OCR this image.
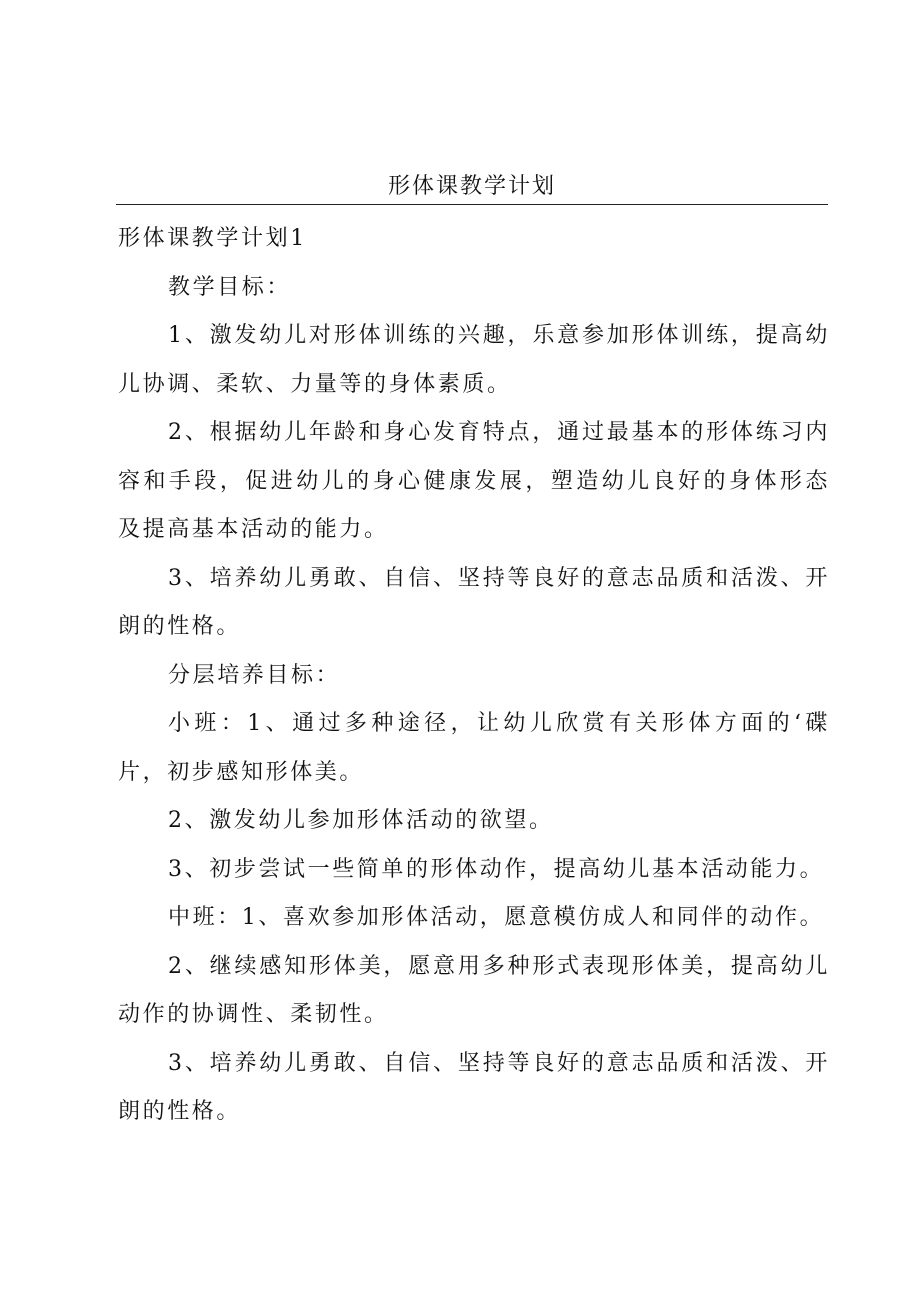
形体课教学计划

形体课教学计划1

教学目标：

1、激发幼儿对形体训练的兴趣，乐意参加形体训练，提高幼儿协调、柔软、力量等的身体素质。

2、根据幼儿年龄和身心发育特点，通过最基本的形体练习内容和手段，促进幼儿的身心健康发展，塑造幼儿良好的身体形态及提高基本活动的能力。

3、培养幼儿勇敢、自信、坚持等良好的意志品质和活泼、开朗的性格。

分层培养目标：

小班：1、通过多种途径，让幼儿欣赏有关形体方面的‘碟片，初步感知形体美。

2、激发幼儿参加形体活动的欲望。

3、初步尝试一些简单的形体动作，提高幼儿基本活动能力。

中班：1、喜欢参加形体活动，愿意模仿成人和同伴的动作。

2、继续感知形体美，愿意用多种形式表现形体美，提高幼儿动作的协调性、柔韧性。

3、培养幼儿勇敢、自信、坚持等良好的意志品质和活泼、开朗的性格。
